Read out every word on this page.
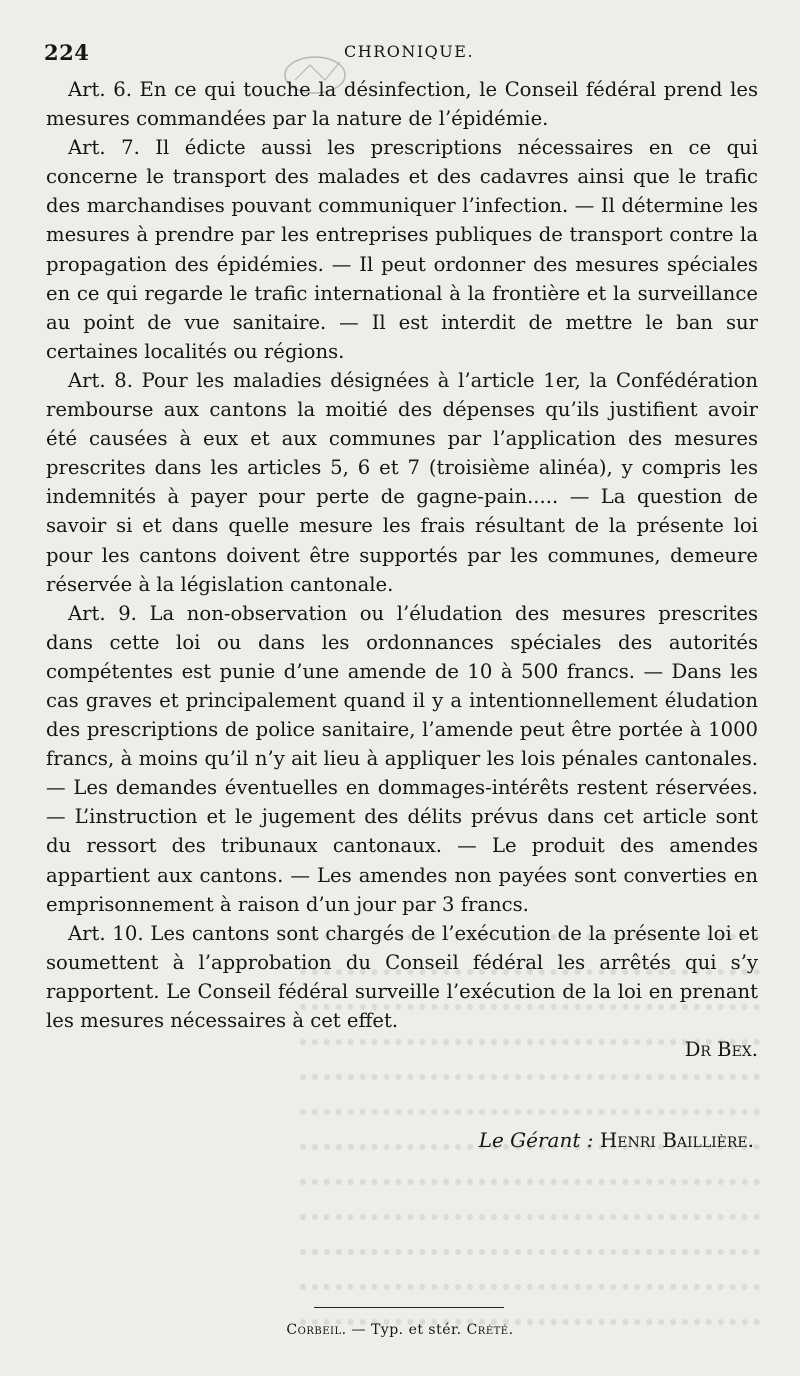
224	CHRONIQUE.

Art. 6. En ce qui touche la désinfection, le Conseil fédéral prend les mesures commandées par la nature de l’épidémie.

Art. 7. Il édicte aussi les prescriptions nécessaires en ce qui concerne le transport des malades et des cadavres ainsi que le trafic des marchandises pouvant communiquer l’infection. — Il détermine les mesures à prendre par les entreprises publiques de transport contre la propagation des épidémies. — Il peut ordonner des mesures spéciales en ce qui regarde le trafic international à la frontière et la surveillance au point de vue sanitaire. — Il est interdit de mettre le ban sur certaines localités ou régions.

Art. 8. Pour les maladies désignées à l’article 1er, la Confédération rembourse aux cantons la moitié des dépenses qu’ils justifient avoir été causées à eux et aux communes par l’application des mesures prescrites dans les articles 5, 6 et 7 (troisième alinéa), y compris les indemnités à payer pour perte de gagne-pain..... — La question de savoir si et dans quelle mesure les frais résultant de la présente loi pour les cantons doivent être supportés par les communes, demeure réservée à la législation cantonale.

Art. 9. La non-observation ou l’éludation des mesures prescrites dans cette loi ou dans les ordonnances spéciales des autorités compétentes est punie d’une amende de 10 à 500 francs. — Dans les cas graves et principalement quand il y a intentionnellement éludation des prescriptions de police sanitaire, l’amende peut être portée à 1000 francs, à moins qu’il n’y ait lieu à appliquer les lois pénales cantonales. — Les demandes éventuelles en dommages-intérêts restent réservées. — L’instruction et le jugement des délits prévus dans cet article sont du ressort des tribunaux cantonaux. — Le produit des amendes appartient aux cantons. — Les amendes non payées sont converties en emprisonnement à raison d’un jour par 3 francs.

Art. 10. Les cantons sont chargés de l’exécution de la présente loi et soumettent à l’approbation du Conseil fédéral les arrêtés qui s’y rapportent. Le Conseil fédéral surveille l’exécution de la loi en prenant les mesures nécessaires à cet effet.

Dr Bex.
Le Gérant : Henri Baillière.
Corbeil. — Typ. et stér. Crété.
